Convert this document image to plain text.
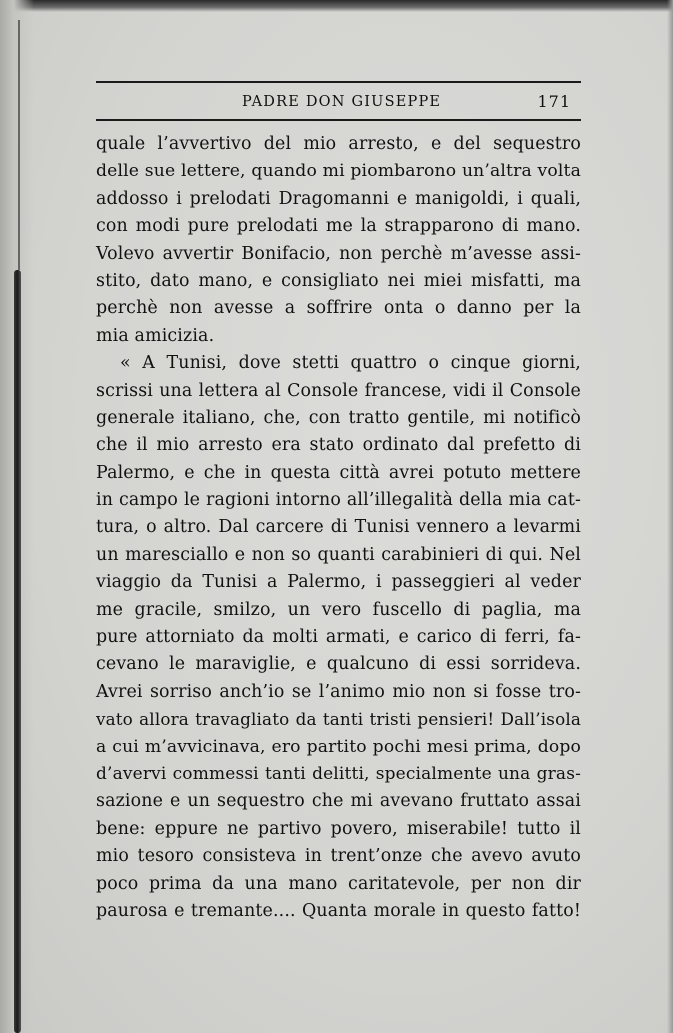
PADRE DON GIUSEPPE	171
quale l’avvertivo del mio arresto, e del sequestro
delle sue lettere, quando mi piombarono un’altra volta
addosso i prelodati Dragomanni e manigoldi, i quali,
con modi pure prelodati me la strapparono di mano.
Volevo avvertir Bonifacio, non perchè m’avesse assi-
stito, dato mano, e consigliato nei miei misfatti, ma
perchè non avesse a soffrire onta o danno per la
mia amicizia.
« A Tunisi, dove stetti quattro o cinque giorni,
scrissi una lettera al Console francese, vidi il Console
generale italiano, che, con tratto gentile, mi notificò
che il mio arresto era stato ordinato dal prefetto di
Palermo, e che in questa città avrei potuto mettere
in campo le ragioni intorno all’illegalità della mia cat-
tura, o altro. Dal carcere di Tunisi vennero a levarmi
un maresciallo e non so quanti carabinieri di qui. Nel
viaggio da Tunisi a Palermo, i passeggieri al veder
me gracile, smilzo, un vero fuscello di paglia, ma
pure attorniato da molti armati, e carico di ferri, fa-
cevano le maraviglie, e qualcuno di essi sorrideva.
Avrei sorriso anch’io se l’animo mio non si fosse tro-
vato allora travagliato da tanti tristi pensieri! Dall’isola
a cui m’avvicinava, ero partito pochi mesi prima, dopo
d’avervi commessi tanti delitti, specialmente una gras-
sazione e un sequestro che mi avevano fruttato assai
bene: eppure ne partivo povero, miserabile! tutto il
mio tesoro consisteva in trent’onze che avevo avuto
poco prima da una mano caritatevole, per non dir
paurosa e tremante.... Quanta morale in questo fatto!
